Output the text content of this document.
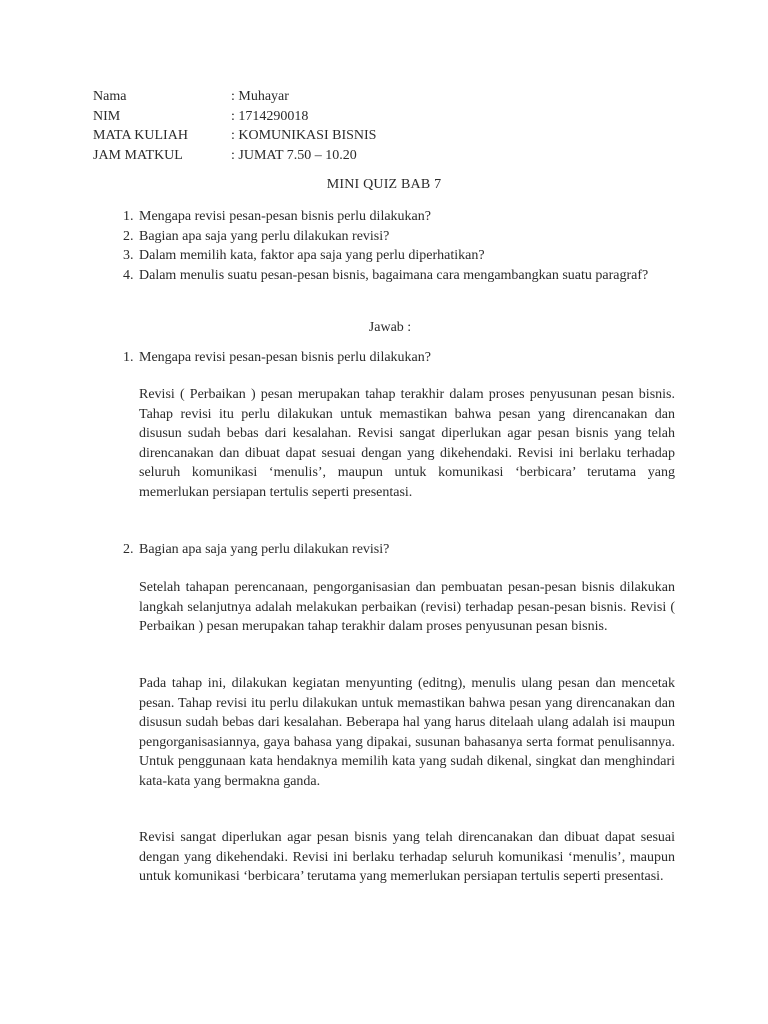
Nama	: Muhayar
NIM	: 1714290018
MATA KULIAH	: KOMUNIKASI BISNIS
JAM MATKUL	: JUMAT 7.50 – 10.20
MINI QUIZ BAB 7
1. Mengapa revisi pesan-pesan bisnis perlu dilakukan?
2. Bagian apa saja yang perlu dilakukan revisi?
3. Dalam memilih kata, faktor apa saja yang perlu diperhatikan?
4. Dalam menulis suatu pesan-pesan bisnis, bagaimana cara mengambangkan suatu paragraf?
Jawab :
1. Mengapa revisi pesan-pesan bisnis perlu dilakukan?

Revisi ( Perbaikan ) pesan merupakan tahap terakhir dalam proses penyusunan pesan bisnis. Tahap revisi itu perlu dilakukan untuk memastikan bahwa pesan yang direncanakan dan disusun sudah bebas dari kesalahan. Revisi sangat diperlukan agar pesan bisnis yang telah direncanakan dan dibuat dapat sesuai dengan yang dikehendaki. Revisi ini berlaku terhadap seluruh komunikasi ‘menulis’, maupun untuk komunikasi ‘berbicara’ terutama yang memerlukan persiapan tertulis seperti presentasi.

2. Bagian apa saja yang perlu dilakukan revisi?

Setelah tahapan perencanaan, pengorganisasian dan pembuatan pesan-pesan bisnis dilakukan langkah selanjutnya adalah melakukan perbaikan (revisi) terhadap pesan-pesan bisnis. Revisi ( Perbaikan ) pesan merupakan tahap terakhir dalam proses penyusunan pesan bisnis.

Pada tahap ini, dilakukan kegiatan menyunting (editng), menulis ulang pesan dan mencetak pesan. Tahap revisi itu perlu dilakukan untuk memastikan bahwa pesan yang direncanakan dan disusun sudah bebas dari kesalahan. Beberapa hal yang harus ditelaah ulang adalah isi maupun pengorganisasiannya, gaya bahasa yang dipakai, susunan bahasanya serta format penulisannya. Untuk penggunaan kata hendaknya memilih kata yang sudah dikenal, singkat dan menghindari kata-kata yang bermakna ganda.

Revisi sangat diperlukan agar pesan bisnis yang telah direncanakan dan dibuat dapat sesuai dengan yang dikehendaki. Revisi ini berlaku terhadap seluruh komunikasi ‘menulis’, maupun untuk komunikasi ‘berbicara’ terutama yang memerlukan persiapan tertulis seperti presentasi.
